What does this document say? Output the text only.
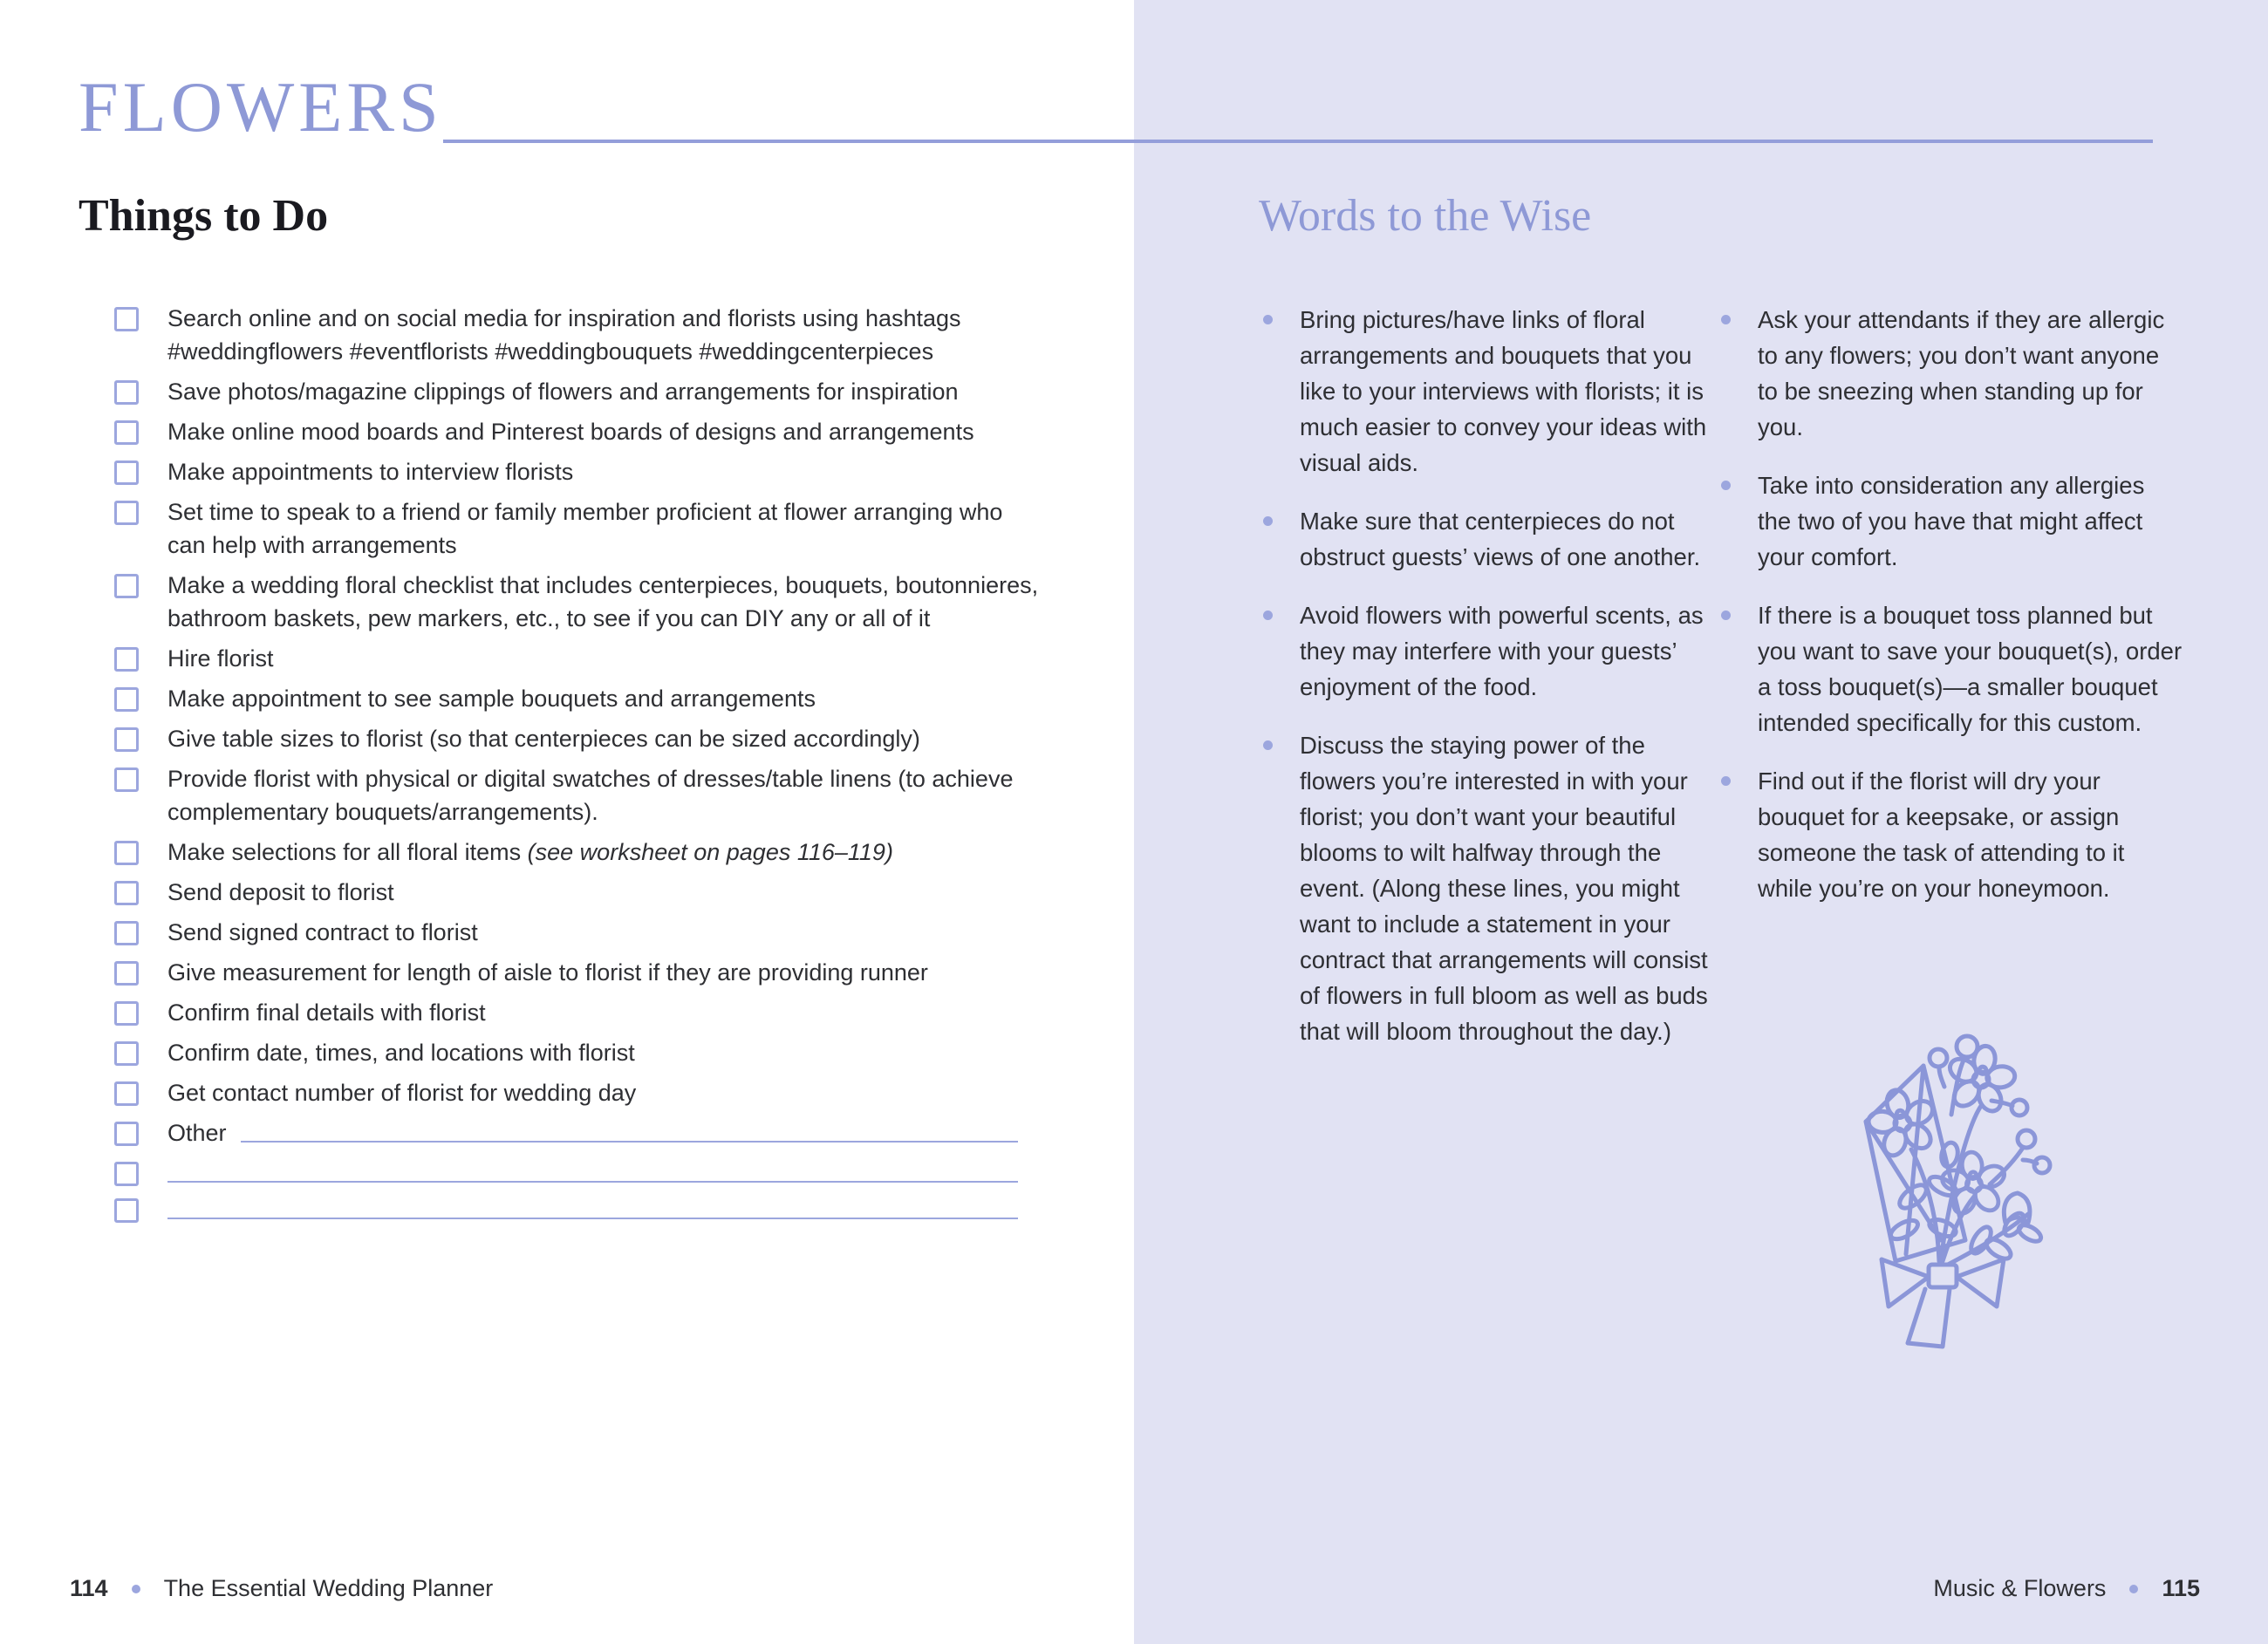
FLOWERS
Things to Do
Search online and on social media for inspiration and florists using hashtags #weddingflowers #eventflorists #weddingbouquets #weddingcenterpieces
Save photos/magazine clippings of flowers and arrangements for inspiration
Make online mood boards and Pinterest boards of designs and arrangements
Make appointments to interview florists
Set time to speak to a friend or family member proficient at flower arranging who can help with arrangements
Make a wedding floral checklist that includes centerpieces, bouquets, boutonnieres, bathroom baskets, pew markers, etc., to see if you can DIY any or all of it
Hire florist
Make appointment to see sample bouquets and arrangements
Give table sizes to florist (so that centerpieces can be sized accordingly)
Provide florist with physical or digital swatches of dresses/table linens (to achieve complementary bouquets/arrangements).
Make selections for all floral items (see worksheet on pages 116–119)
Send deposit to florist
Send signed contract to florist
Give measurement for length of aisle to florist if they are providing runner
Confirm final details with florist
Confirm date, times, and locations with florist
Get contact number of florist for wedding day
Other
Words to the Wise
Bring pictures/have links of floral arrangements and bouquets that you like to your interviews with florists; it is much easier to convey your ideas with visual aids.
Make sure that centerpieces do not obstruct guests’ views of one another.
Avoid flowers with powerful scents, as they may interfere with your guests’ enjoyment of the food.
Discuss the staying power of the flowers you’re interested in with your florist; you don’t want your beautiful blooms to wilt halfway through the event. (Along these lines, you might want to include a statement in your contract that arrangements will consist of flowers in full bloom as well as buds that will bloom throughout the day.)
Ask your attendants if they are allergic to any flowers; you don’t want anyone to be sneezing when standing up for you.
Take into consideration any allergies the two of you have that might affect your comfort.
If there is a bouquet toss planned but you want to save your bouquet(s), order a toss bouquet(s)—a smaller bouquet intended specifically for this custom.
Find out if the florist will dry your bouquet for a keepsake, or assign someone the task of attending to it while you’re on your honeymoon.
114 The Essential Wedding Planner	Music & Flowers 115
